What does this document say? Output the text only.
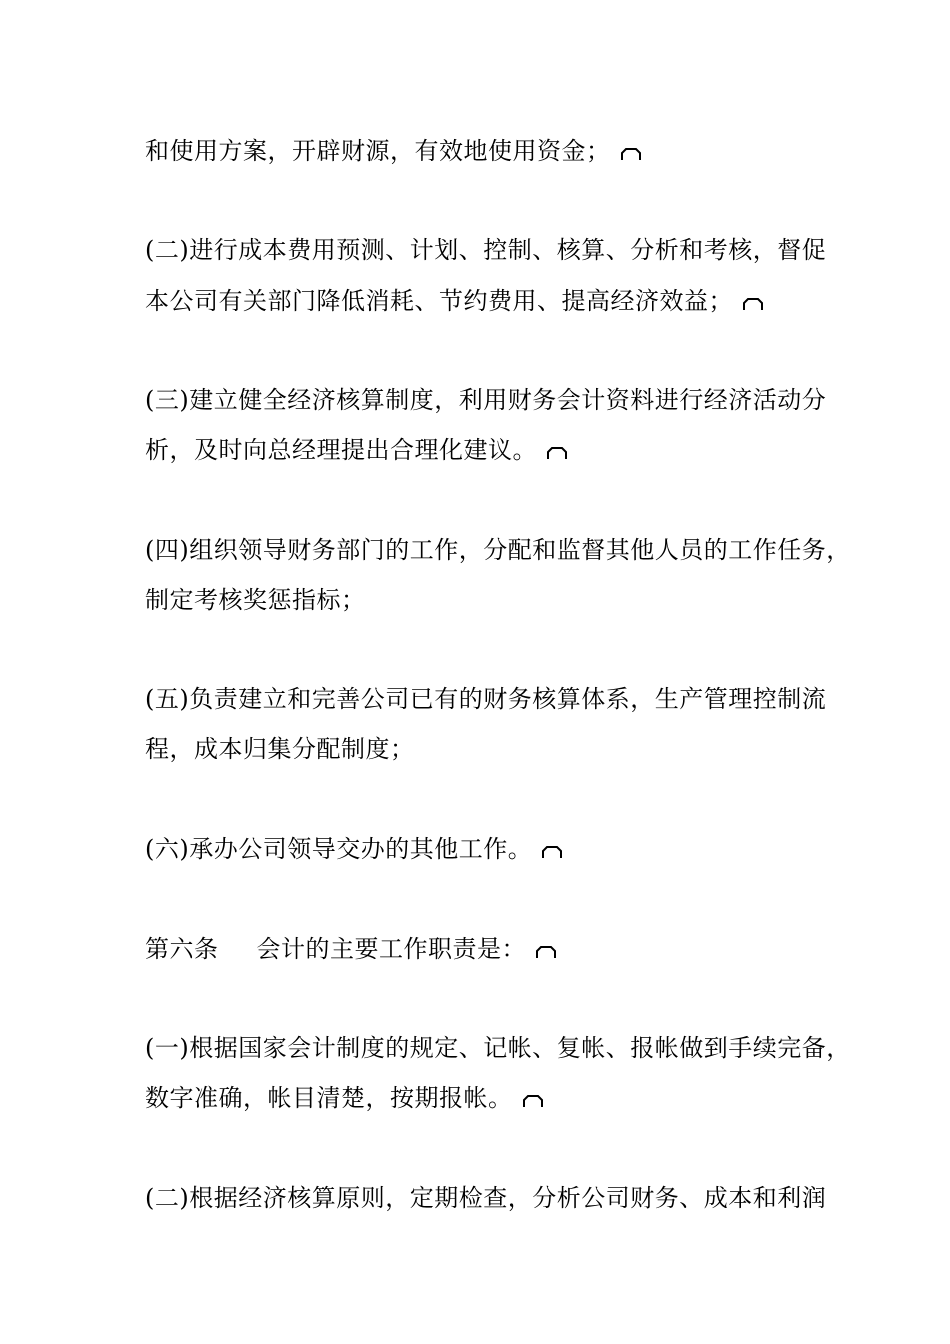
和使用方案，开辟财源，有效地使用资金；
(二)进行成本费用预测、计划、控制、核算、分析和考核，督促
本公司有关部门降低消耗、节约费用、提高经济效益；
(三)建立健全经济核算制度，利用财务会计资料进行经济活动分
析，及时向总经理提出合理化建议。
(四)组织领导财务部门的工作，分配和监督其他人员的工作任务，
制定考核奖惩指标；
(五)负责建立和完善公司已有的财务核算体系，生产管理控制流
程，成本归集分配制度；
(六)承办公司领导交办的其他工作。
第六条 会计的主要工作职责是：
(一)根据国家会计制度的规定、记帐、复帐、报帐做到手续完备，
数字准确，帐目清楚，按期报帐。
(二)根据经济核算原则，定期检查，分析公司财务、成本和利润
